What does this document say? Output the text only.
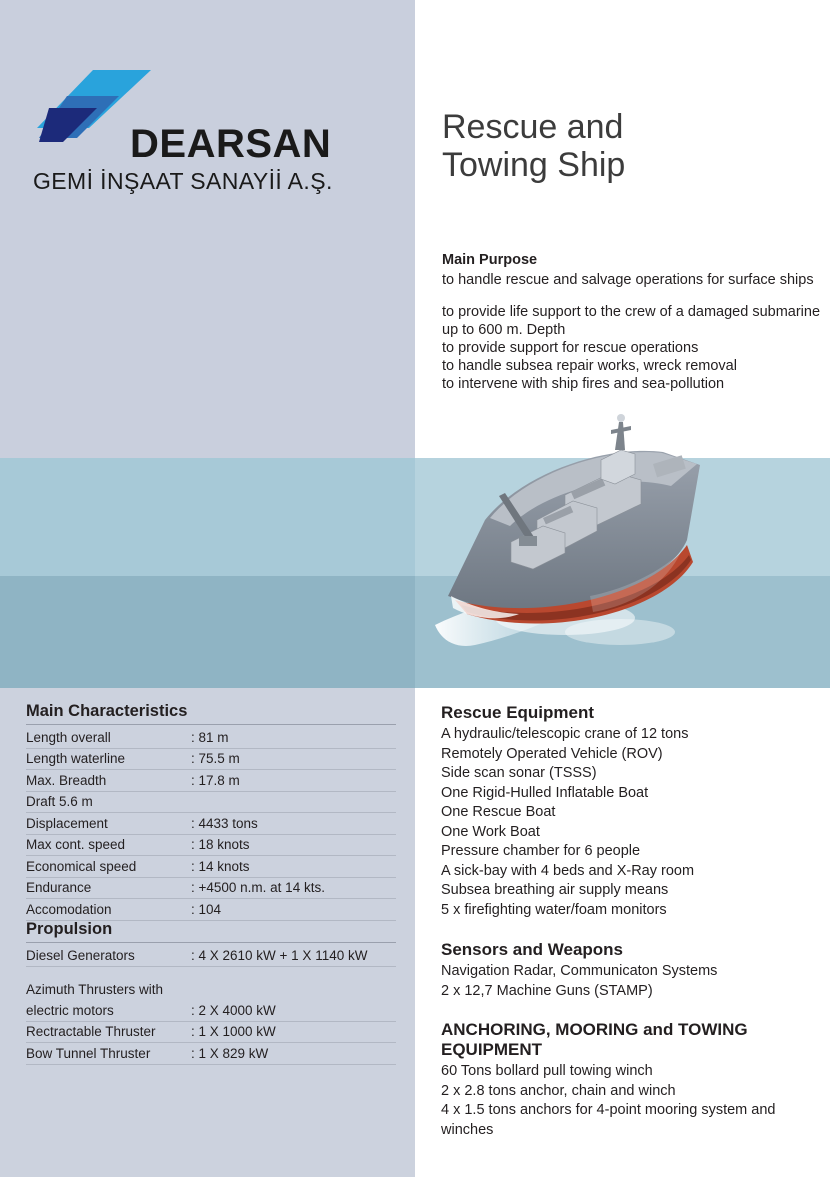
DEARSAN
GEMİ İNŞAAT SANAYİİ A.Ş.
Rescue and
Towing Ship
Main Purpose
to handle rescue and salvage operations for surface ships
to provide life support to the crew of a damaged submarine
up to 600 m. Depth
to provide support for rescue operations
to handle subsea repair works, wreck removal
to intervene with ship fires and sea-pollution
Main Characteristics
Length overall	: 81 m
Length waterline	: 75.5 m
Max. Breadth	: 17.8 m
Draft 5.6 m
Displacement	: 4433 tons
Max cont. speed	: 18 knots
Economical speed	: 14 knots
Endurance	: +4500 n.m. at 14 kts.
Accomodation	: 104
Propulsion
Diesel Generators	: 4 X 2610 kW + 1 X 1140 kW
Azimuth Thrusters with
electric motors	: 2 X 4000 kW
Rectractable Thruster	: 1 X 1000 kW
Bow Tunnel Thruster	: 1 X 829 kW
Rescue Equipment

A hydraulic/telescopic crane of 12 tons

Remotely Operated Vehicle (ROV)

Side scan sonar (TSSS)

One Rigid-Hulled Inflatable Boat

One Rescue Boat

One Work Boat

Pressure chamber for 6 people

A sick-bay with 4 beds and X-Ray room

Subsea breathing air supply means

5 x firefighting water/foam monitors

Sensors and Weapons

Navigation Radar, Communicaton Systems

2 x 12,7 Machine Guns (STAMP)

ANCHORING, MOORING and TOWING
EQUIPMENT

60 Tons bollard pull towing winch

2 x 2.8 tons anchor, chain and winch

4 x 1.5 tons anchors for 4-point mooring system and

winches
